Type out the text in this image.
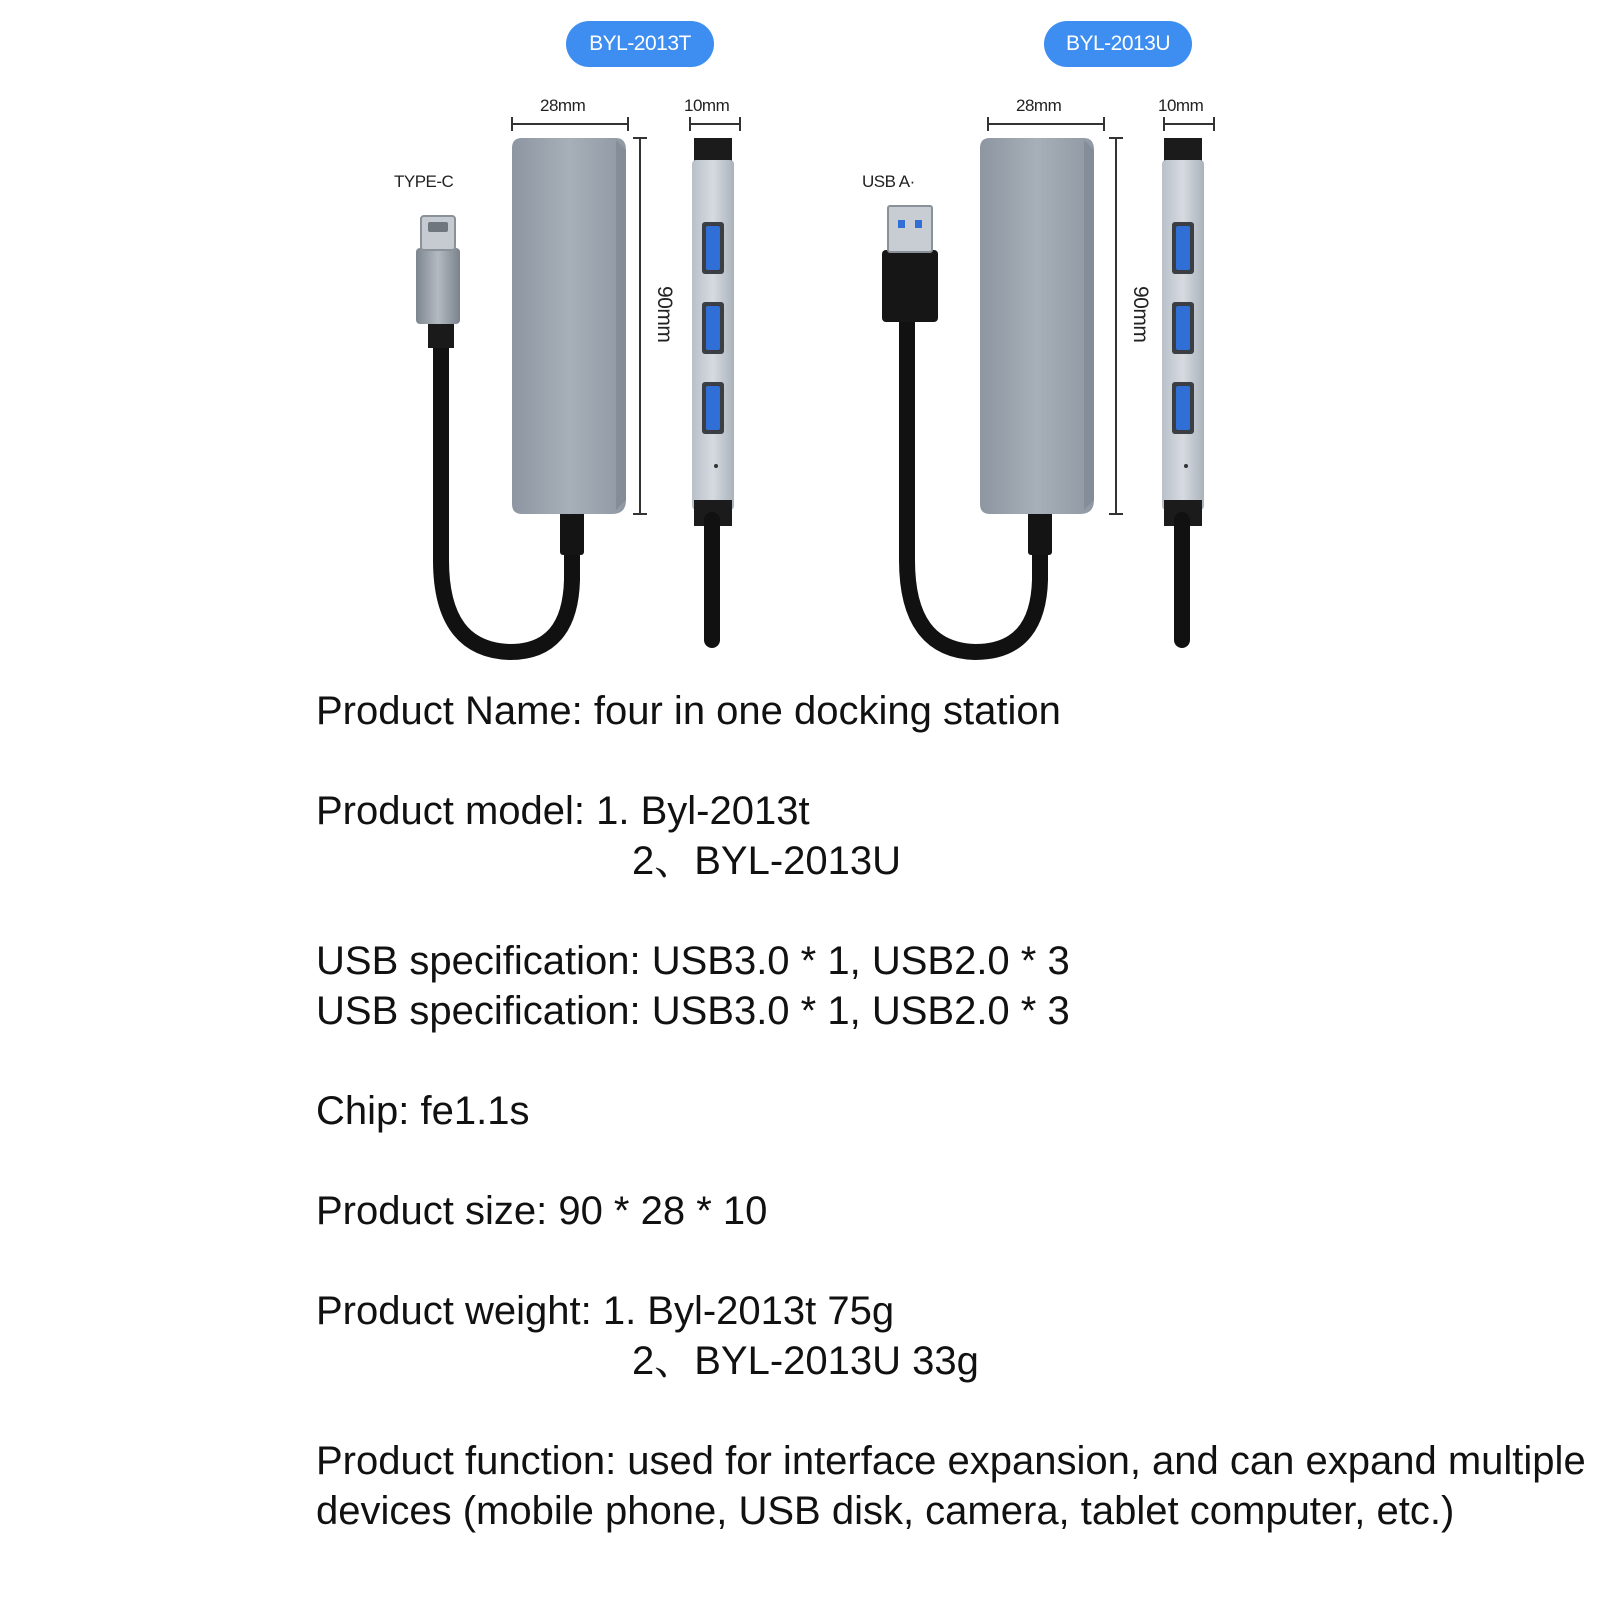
BYL-2013T
28mm	10mm
90mm
TYPE-C
BYL-2013U
28mm	10mm
90mm
USB A·
Product Name: four in one docking station
Product model: 1. Byl-2013t
2、BYL-2013U
USB specification: USB3.0 * 1, USB2.0 * 3
USB specification: USB3.0 * 1, USB2.0 * 3
Chip: fe1.1s
Product size: 90 * 28 * 10
Product weight: 1. Byl-2013t 75g
2、BYL-2013U 33g
Product function: used for interface expansion, and can expand multiple devices (mobile phone, USB disk, camera, tablet computer, etc.)
